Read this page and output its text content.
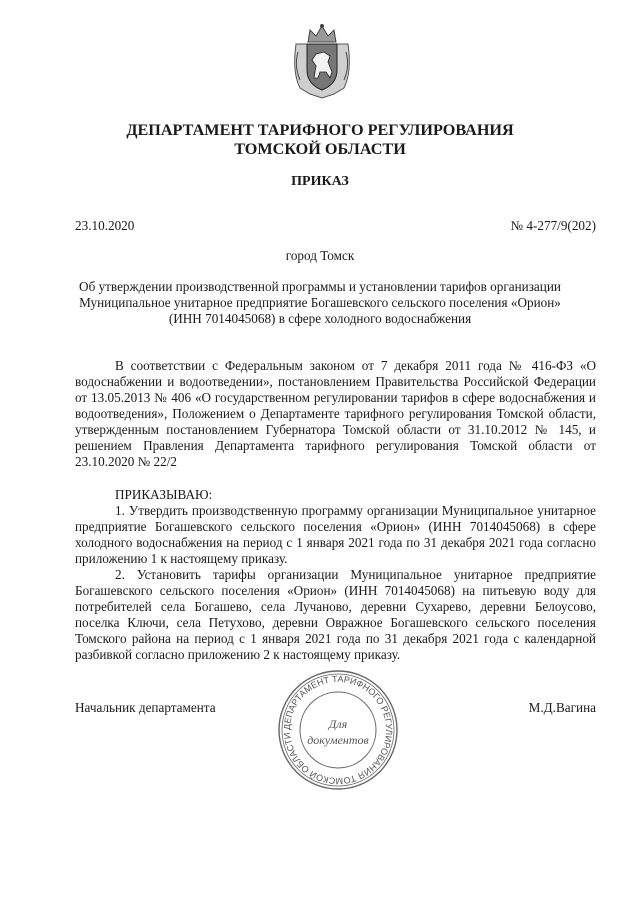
ДЕПАРТАМЕНТ ТАРИФНОГО РЕГУЛИРОВАНИЯ
ТОМСКОЙ ОБЛАСТИ
ПРИКАЗ
23.10.2020	№ 4-277/9(202)
город Томск
Об утверждении производственной программы и установлении тарифов организации
Муниципальное унитарное предприятие Богашевского сельского поселения «Орион»
(ИНН 7014045068) в сфере холодного водоснабжения

В соответствии с Федеральным законом от 7 декабря 2011 года № 416-ФЗ «О водоснабжении и водоотведении», постановлением Правительства Российской Федерации от 13.05.2013 № 406 «О государственном регулировании тарифов в сфере водоснабжения и водоотведения», Положением о Департаменте тарифного регулирования Томской области, утвержденным постановлением Губернатора Томской области от 31.10.2012 № 145, и решением Правления Департамента тарифного регулирования Томской области от 23.10.2020 № 22/2

ПРИКАЗЫВАЮ:

1. Утвердить производственную программу организации Муниципальное унитарное предприятие Богашевского сельского поселения «Орион» (ИНН 7014045068) в сфере холодного водоснабжения на период с 1 января 2021 года по 31 декабря 2021 года согласно приложению 1 к настоящему приказу.

2. Установить тарифы организации Муниципальное унитарное предприятие Богашевского сельского поселения «Орион» (ИНН 7014045068) на питьевую воду для потребителей села Богашево, села Лучаново, деревни Сухарево, деревни Белоусово, поселка Ключи, села Петухово, деревни Овражное Богашевского сельского поселения Томского района на период с 1 января 2021 года по 31 декабря 2021 года с календарной разбивкой согласно приложению 2 к настоящему приказу.

Начальник департамента	М.Д.Вагина
ДЕПАРТАМЕНТ ТАРИФНОГО РЕГУЛИРОВАНИЯ ТОМСКОЙ ОБЛАСТИ
Для
документов
